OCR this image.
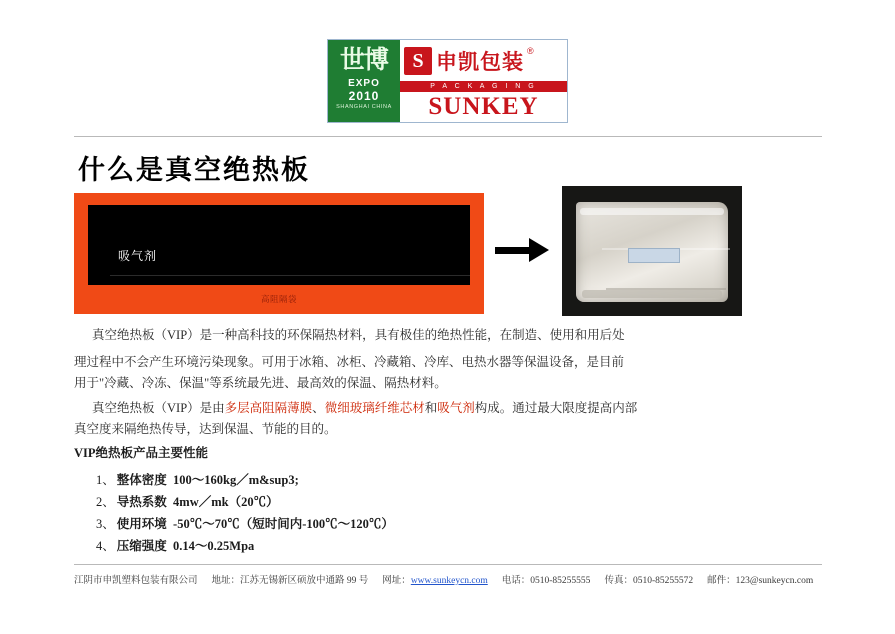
世博
EXPO
2010
SHANGHAI CHINA
S 申凯包装 ®
P A C K A G I N G
SUNKEY
什么是真空绝热板
吸气剂
高阻隔袋
真空绝热板（VIP）是一种高科技的环保隔热材料，具有极佳的绝热性能，在制造、使用和用后处
理过程中不会产生环境污染现象。可用于冰箱、冰柜、冷藏箱、冷库、电热水器等保温设备，是目前
用于"冷藏、冷冻、保温"等系统最先进、最高效的保温、隔热材料。
真空绝热板（VIP）是由多层高阻隔薄膜、微细玻璃纤维芯材和吸气剂构成。通过最大限度提高内部
真空度来隔绝热传导，达到保温、节能的目的。
VIP绝热板产品主要性能
1、 整体密度 100～160kg／m&sup3;
2、 导热系数 4mw／mk（20℃）
3、 使用环境 -50℃～70℃（短时间内-100℃～120℃）
4、 压缩强度 0.14～0.25Mpa
江阴市申凯塑料包装有限公司 地址：江苏无锡新区硕放中通路 99 号 网址：www.sunkeycn.com 电话：0510-85255555 传真：0510-85255572 邮件：123@sunkeycn.com
